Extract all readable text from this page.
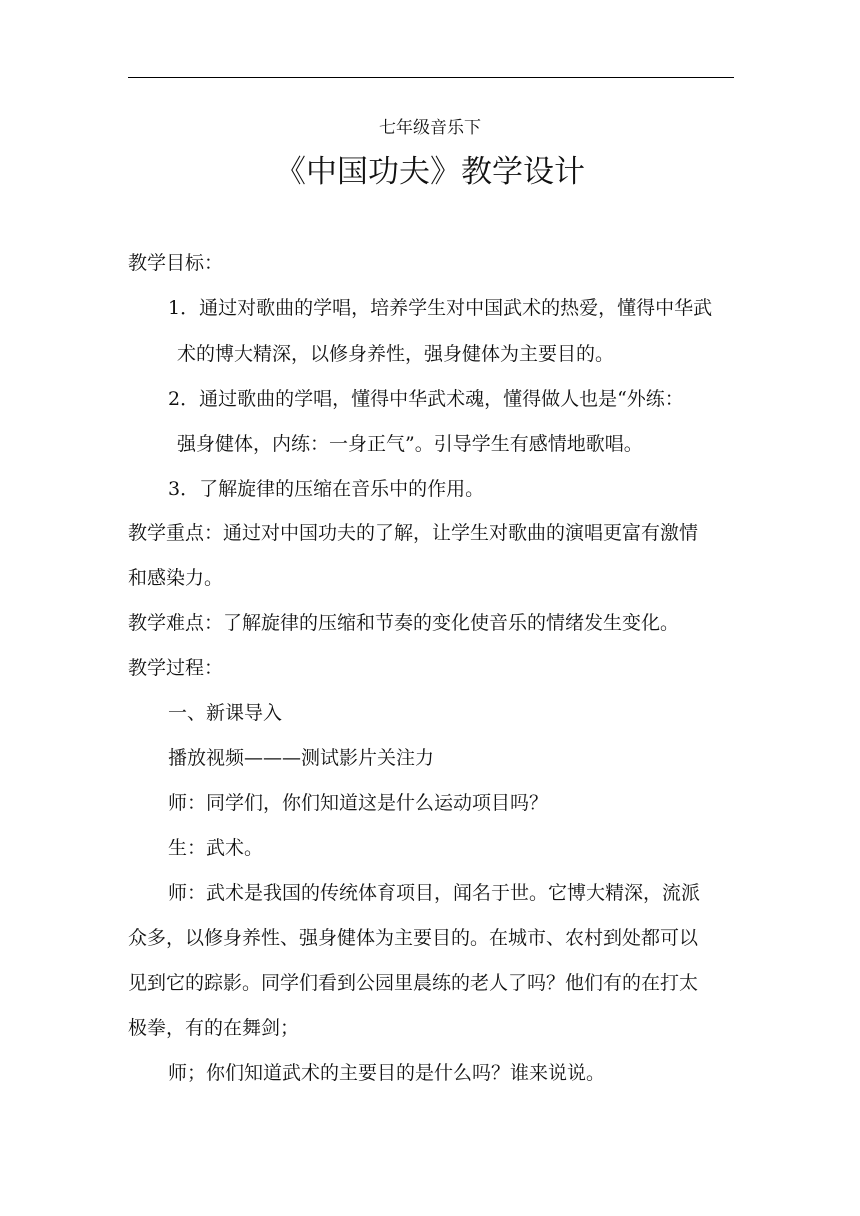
七年级音乐下
《中国功夫》教学设计
教学目标：
1．通过对歌曲的学唱，培养学生对中国武术的热爱，懂得中华武
术的博大精深，以修身养性，强身健体为主要目的。
2．通过歌曲的学唱，懂得中华武术魂，懂得做人也是“外练：
强身健体，内练：一身正气”。引导学生有感情地歌唱。
3．了解旋律的压缩在音乐中的作用。
教学重点：通过对中国功夫的了解，让学生对歌曲的演唱更富有激情
和感染力。
教学难点：了解旋律的压缩和节奏的变化使音乐的情绪发生变化。
教学过程：
一、新课导入
播放视频———测试影片关注力
师：同学们，你们知道这是什么运动项目吗？
生：武术。
师：武术是我国的传统体育项目，闻名于世。它博大精深，流派
众多，以修身养性、强身健体为主要目的。在城市、农村到处都可以
见到它的踪影。同学们看到公园里晨练的老人了吗？他们有的在打太
极拳，有的在舞剑；
师；你们知道武术的主要目的是什么吗？谁来说说。
